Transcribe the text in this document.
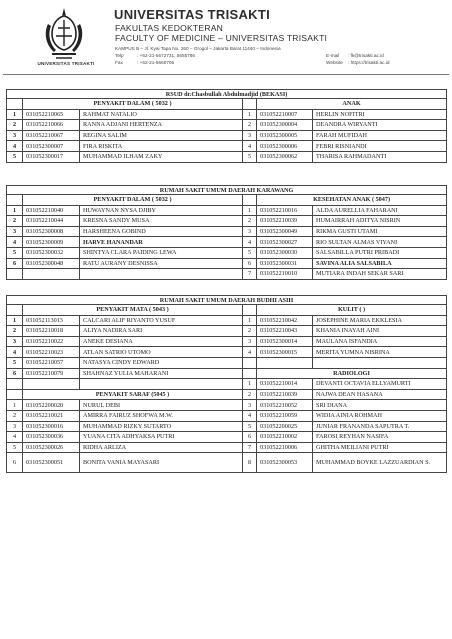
UNIVERSITAS TRISAKTI
UNIVERSITAS TRISAKTI
FAKULTAS KEDOKTERAN
FACULTY OF MEDICINE – UNIVERSITAS TRISAKTI
KAMPUS B – Jl. Kyai Tapa No. 260 – Grogol – Jakarta Barat 11440 – Indonesia
Telp	: +62-21-5672731, 5655786
Fax	: +62-21-5660706
E-mail : fk@trisakti.ac.id
Website : https://trisakti.ac.id
RSUD dr.Chasbullah Abdulmadjid (BEKASI)					
	PENYAKIT DALAM ( 5032 )			ANAK	
1	031052210065	RAHMAT NATALIO	1	031052210007	HERLIN NOFITRI
2	031052210066	RANNA ADJANI HERTENZA	2	031052300004	DEANDRA WIRYANTI
3	031052210067	REGINA SALIM	3	031052300005	FARAH MUFIDAH
4	031052300007	FIRA RISKITA	4	031052300006	FEBRI RISNIANDI
5	031052300017	MUHAMMAD ILHAM ZAKY	5	031052300062	THARISA RAHMADANTI
RUMAH SAKIT UMUM DAERAH KARAWANG					
	PENYAKIT DALAM ( 5032 )			KESEHATAN ANAK ( 5047)	
1	031052210040	HUWAYNAN NYSA DJIBY	1	031052210016	ALDA AURELLIA FAHARANI
2	031052210044	KRESNA SANDY MUSA	2	031052210039	HUMAIRRAH ADITYA NISRIN
3	031052300008	HARSHEENA GOBIND	3	031052300049	RIKMA GUSTI UTAMI
4	031052300009	HARVE HANANDAR	4	031052300027	RIO SULTAN ALMAS VIYANI
5	031052300032	SHINTYA CLARA PAIDING LEWA	5	031052300030	SALSABILLA PUTRI PRIBADI
6	031052300048	RATU AURANY DESNISSA	6	031052300031	SAVINA ALIA SALSABILA
			7	031052210010	MUTIARA INDAH SEKAR SARI
RUMAH SAKIT UMUM DAERAH BUDHI ASIH					
	PENYAKIT MATA ( 5043 )			KULIT ( )	
1	031052113013	CALCARI ALIF RIYANTO YUSUF	1	031052210042	JOSEPHINE MARIA EKKLESIA
2	031052210018	ALIYA NADIRA SARI	2	031052210043	KHANIA INAYAH AINI
3	031052210022	ANEKE DESIANA	3	031052300014	MAULANA ISFANDIA
4	031052210023	ATLAN SATRIO UTOMO	4	031052300015	MERITA YUMNA NISRINA
5	031052210057	NATASYA CINDY EDWARD			
6	031052210079	SHAHNAZ YULIA MAHARANI		RADIOLOGI	
			1	031052210014	DEVANTI OCTAVIA ELLYAMURTI
	PENYAKIT SARAF (5045 )		2	031052210039	NAJWA DEAN HASANA
1	031052200020	NURUL DEBI	3	031052210052	SRI DIANA
2	031052210021	AMIRRA FAIRUZ SHOFWA M.W.	4	031052210059	WIDIA AINIA ROHMAH
3	031052300016	MUHAMMAD RIZKY SUTARTO	5	031052200025	JUNIAR FRANANDA SAPUTRA T.
4	031052300036	YUANA CITA ADHYAKSA PUTRI	6	031052210002	FAROSI REYHAN NASIFA
5	031052300026	RIDHA ARLIZA	7	031052210006	GHITHA MEILIANI PUTRI
6	031052300051	BONITA VANIA MAYASARI	8	031052300053	MUHAMMAD BOYKE LAZZUARDIAN S.
